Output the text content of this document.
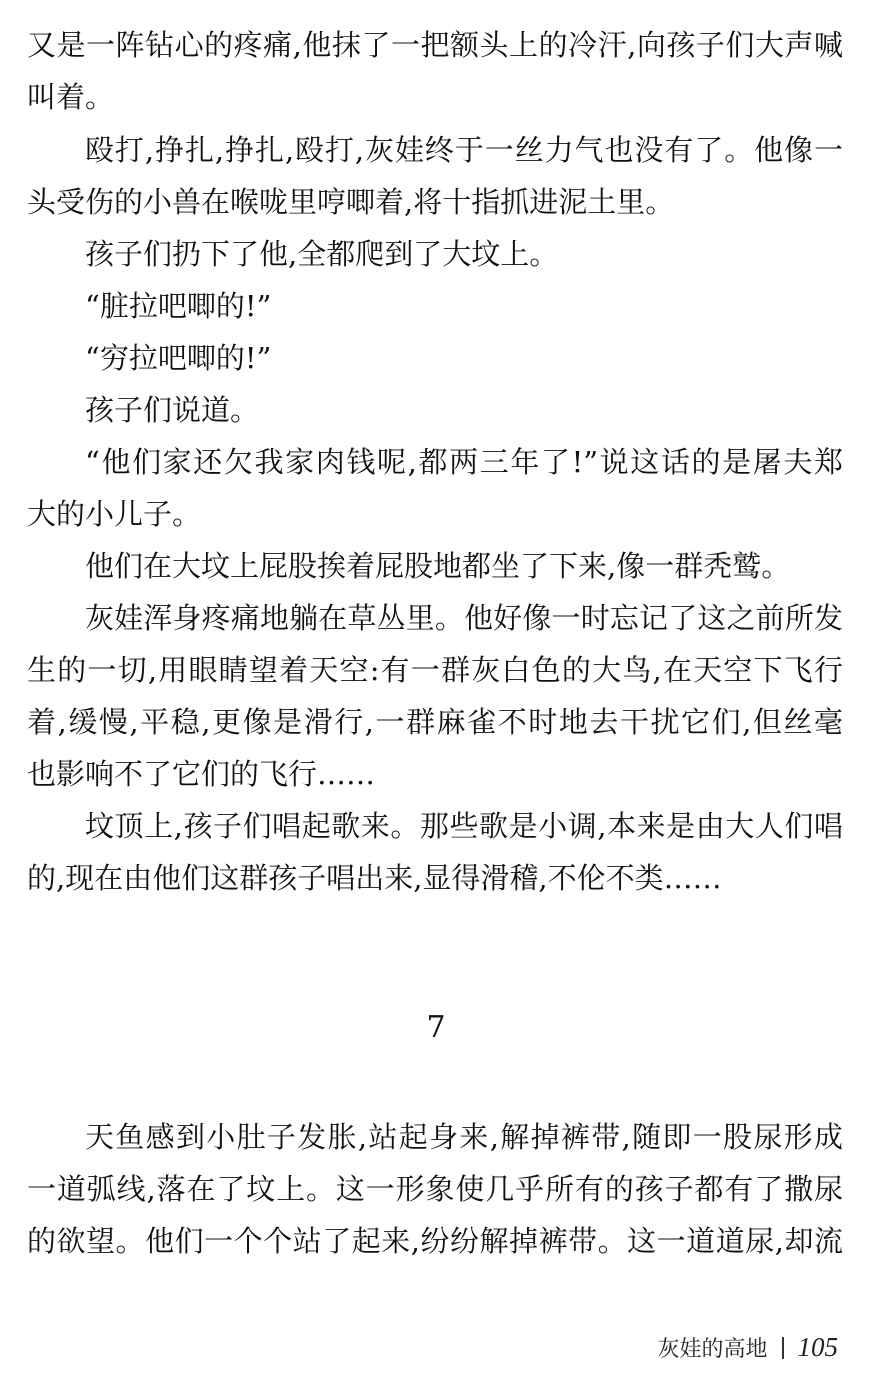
又是一阵钻心的疼痛,他抹了一把额头上的冷汗,向孩子们大声喊
叫着。
殴打,挣扎,挣扎,殴打,灰娃终于一丝力气也没有了。他像一
头受伤的小兽在喉咙里哼唧着,将十指抓进泥土里。
孩子们扔下了他,全都爬到了大坟上。
“脏拉吧唧的!”
“穷拉吧唧的!”
孩子们说道。
“他们家还欠我家肉钱呢,都两三年了!”说这话的是屠夫郑
大的小儿子。
他们在大坟上屁股挨着屁股地都坐了下来,像一群秃鹫。
灰娃浑身疼痛地躺在草丛里。他好像一时忘记了这之前所发
生的一切,用眼睛望着天空:有一群灰白色的大鸟,在天空下飞行
着,缓慢,平稳,更像是滑行,一群麻雀不时地去干扰它们,但丝毫
也影响不了它们的飞行……
坟顶上,孩子们唱起歌来。那些歌是小调,本来是由大人们唱
的,现在由他们这群孩子唱出来,显得滑稽,不伦不类……
7
天鱼感到小肚子发胀,站起身来,解掉裤带,随即一股尿形成
一道弧线,落在了坟上。这一形象使几乎所有的孩子都有了撒尿
的欲望。他们一个个站了起来,纷纷解掉裤带。这一道道尿,却流
灰娃的高地 105
